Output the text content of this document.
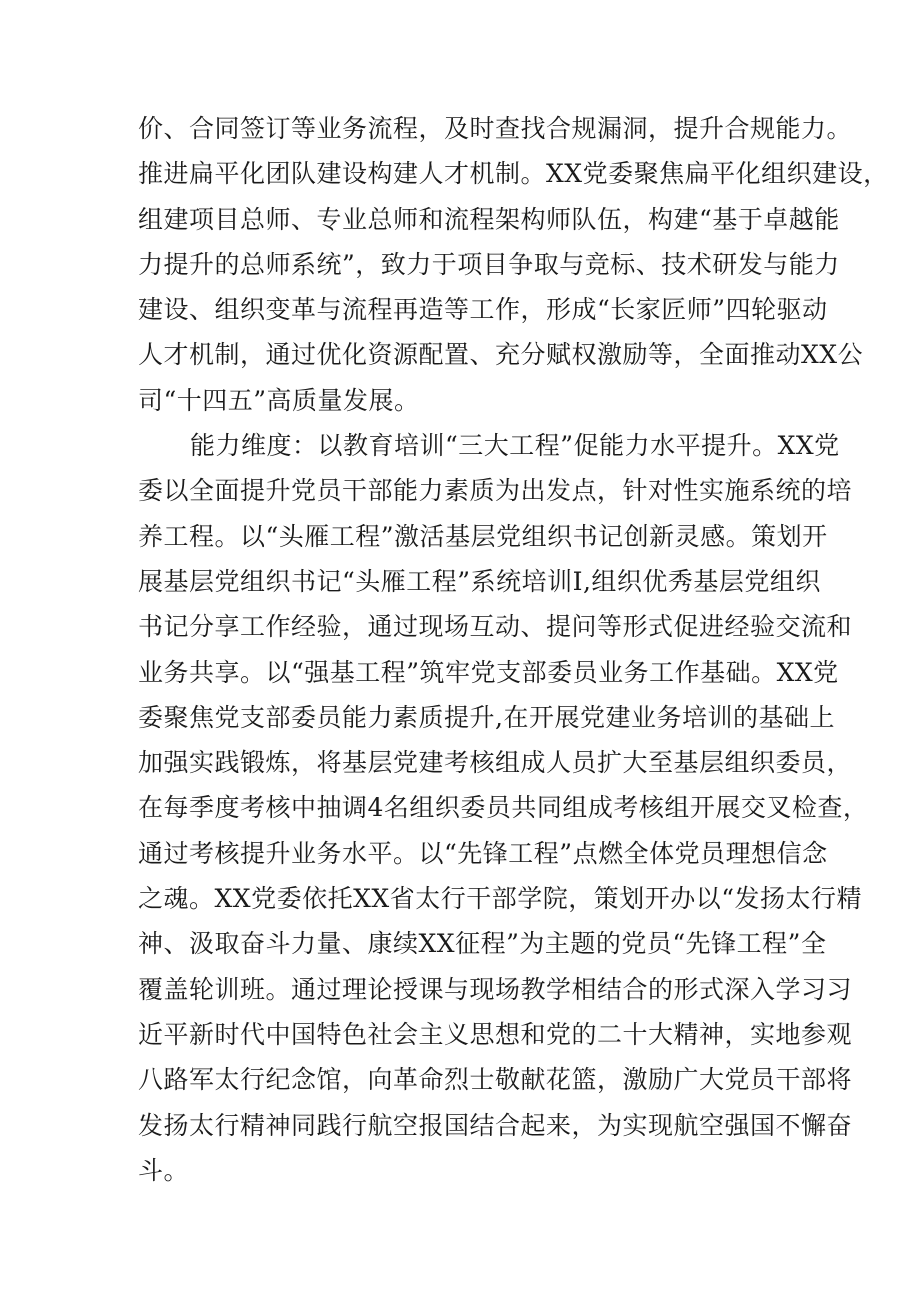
价、合同签订等业务流程，及时查找合规漏洞，提升合规能力。
推进扁平化团队建设构建人才机制。XX党委聚焦扁平化组织建设，
组建项目总师、专业总师和流程架构师队伍，构建“基于卓越能
力提升的总师系统”，致力于项目争取与竞标、技术研发与能力
建设、组织变革与流程再造等工作，形成“长家匠师”四轮驱动
人才机制，通过优化资源配置、充分赋权激励等，全面推动XX公
司“十四五”高质量发展。
能力维度：以教育培训“三大工程”促能力水平提升。XX党
委以全面提升党员干部能力素质为出发点，针对性实施系统的培
养工程。以“头雁工程”激活基层党组织书记创新灵感。策划开
展基层党组织书记“头雁工程”系统培训I,组织优秀基层党组织
书记分享工作经验，通过现场互动、提问等形式促进经验交流和
业务共享。以“强基工程”筑牢党支部委员业务工作基础。XX党
委聚焦党支部委员能力素质提升,在开展党建业务培训的基础上
加强实践锻炼，将基层党建考核组成人员扩大至基层组织委员，
在每季度考核中抽调4名组织委员共同组成考核组开展交叉检查，
通过考核提升业务水平。以“先锋工程”点燃全体党员理想信念
之魂。XX党委依托XX省太行干部学院，策划开办以“发扬太行精
神、汲取奋斗力量、康续XX征程”为主题的党员“先锋工程”全
覆盖轮训班。通过理论授课与现场教学相结合的形式深入学习习
近平新时代中国特色社会主义思想和党的二十大精神，实地参观
八路军太行纪念馆，向革命烈士敬献花篮，激励广大党员干部将
发扬太行精神同践行航空报国结合起来，为实现航空强国不懈奋
斗。
